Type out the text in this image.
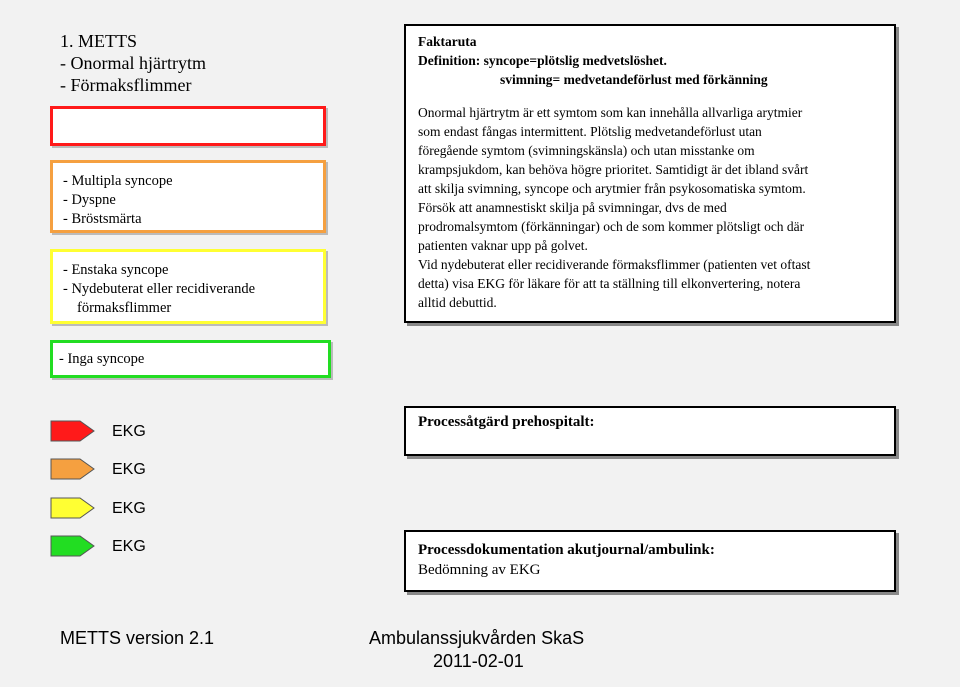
1. METTS
- Onormal hjärtrytm
- Förmaksflimmer
- Multipla syncope
- Dyspne
- Bröstsmärta
- Enstaka syncope
- Nydebuterat eller recidiverande
förmaksflimmer
- Inga syncope
Faktaruta
Definition: syncope=plötslig medvetslöshet.
svimning= medvetandeförlust med förkänning

Onormal hjärtrytm är ett symtom som kan innehålla allvarliga arytmier

som endast fångas intermittent. Plötslig medvetandeförlust utan

föregående symtom (svimningskänsla) och utan misstanke om

krampsjukdom, kan behöva högre prioritet. Samtidigt är det ibland svårt

att skilja svimning, syncope och arytmier från psykosomatiska symtom.

Försök att anamnestiskt skilja på svimningar, dvs de med

prodromalsymtom (förkänningar) och de som kommer plötsligt och där

patienten vaknar upp på golvet.

Vid nydebuterat eller recidiverande förmaksflimmer (patienten vet oftast

detta) visa EKG för läkare för att ta ställning till elkonvertering, notera

alltid debuttid.

EKG
EKG
EKG
EKG
Processåtgärd prehospitalt:
Processdokumentation akutjournal/ambulink:
Bedömning av EKG
METTS version 2.1	Ambulanssjukvården SkaS
2011-02-01
